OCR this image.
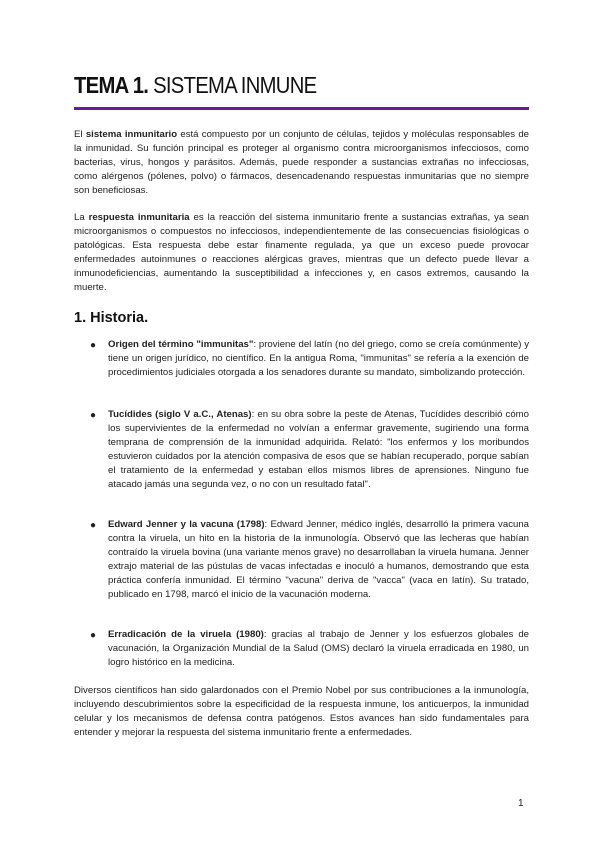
TEMA 1. SISTEMA INMUNE

El sistema inmunitario está compuesto por un conjunto de células, tejidos y moléculas responsables de la inmunidad. Su función principal es proteger al organismo contra microorganismos infecciosos, como bacterias, virus, hongos y parásitos. Además, puede responder a sustancias extrañas no infecciosas, como alérgenos (pólenes, polvo) o fármacos, desencadenando respuestas inmunitarias que no siempre son beneficiosas.

La respuesta inmunitaria es la reacción del sistema inmunitario frente a sustancias extrañas, ya sean microorganismos o compuestos no infecciosos, independientemente de las consecuencias fisiológicas o patológicas. Esta respuesta debe estar finamente regulada, ya que un exceso puede provocar enfermedades autoinmunes o reacciones alérgicas graves, mientras que un defecto puede llevar a inmunodeficiencias, aumentando la susceptibilidad a infecciones y, en casos extremos, causando la muerte.

1. Historia.
● Origen del término "immunitas": proviene del latín (no del griego, como se creía comúnmente) y tiene un origen jurídico, no científico. En la antigua Roma, "immunitas" se refería a la exención de procedimientos judiciales otorgada a los senadores durante su mandato, simbolizando protección.

● Tucídides (siglo V a.C., Atenas): en su obra sobre la peste de Atenas, Tucídides describió cómo los supervivientes de la enfermedad no volvían a enfermar gravemente, sugiriendo una forma temprana de comprensión de la inmunidad adquirida. Relató: "los enfermos y los moribundos estuvieron cuidados por la atención compasiva de esos que se habían recuperado, porque sabían el tratamiento de la enfermedad y estaban ellos mismos libres de aprensiones. Ninguno fue atacado jamás una segunda vez, o no con un resultado fatal".

● Edward Jenner y la vacuna (1798): Edward Jenner, médico inglés, desarrolló la primera vacuna contra la viruela, un hito en la historia de la inmunología. Observó que las lecheras que habían contraído la viruela bovina (una variante menos grave) no desarrollaban la viruela humana. Jenner extrajo material de las pústulas de vacas infectadas e inoculó a humanos, demostrando que esta práctica confería inmunidad. El término "vacuna" deriva de "vacca" (vaca en latín). Su tratado, publicado en 1798, marcó el inicio de la vacunación moderna.

● Erradicación de la viruela (1980): gracias al trabajo de Jenner y los esfuerzos globales de vacunación, la Organización Mundial de la Salud (OMS) declaró la viruela erradicada en 1980, un logro histórico en la medicina.

Diversos científicos han sido galardonados con el Premio Nobel por sus contribuciones a la inmunología, incluyendo descubrimientos sobre la especificidad de la respuesta inmune, los anticuerpos, la inmunidad celular y los mecanismos de defensa contra patógenos. Estos avances han sido fundamentales para entender y mejorar la respuesta del sistema inmunitario frente a enfermedades.

1
